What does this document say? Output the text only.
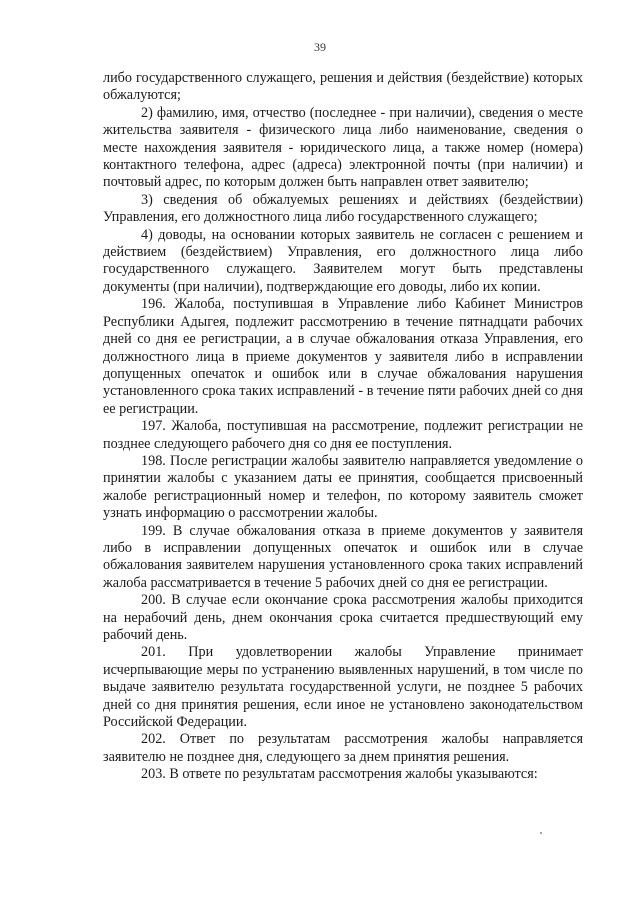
39

либо государственного служащего, решения и действия (бездействие) которых обжалуются;

2) фамилию, имя, отчество (последнее - при наличии), сведения о месте жительства заявителя - физического лица либо наименование, сведения о месте нахождения заявителя - юридического лица, а также номер (номера) контактного телефона, адрес (адреса) электронной почты (при наличии) и почтовый адрес, по которым должен быть направлен ответ заявителю;

3) сведения об обжалуемых решениях и действиях (бездействии) Управления, его должностного лица либо государственного служащего;

4) доводы, на основании которых заявитель не согласен с решением и действием (бездействием) Управления, его должностного лица либо государственного служащего. Заявителем могут быть представлены документы (при наличии), подтверждающие его доводы, либо их копии.

196. Жалоба, поступившая в Управление либо Кабинет Министров Республики Адыгея, подлежит рассмотрению в течение пятнадцати рабочих дней со дня ее регистрации, а в случае обжалования отказа Управления, его должностного лица в приеме документов у заявителя либо в исправлении допущенных опечаток и ошибок или в случае обжалования нарушения установленного срока таких исправлений - в течение пяти рабочих дней со дня ее регистрации.

197. Жалоба, поступившая на рассмотрение, подлежит регистрации не позднее следующего рабочего дня со дня ее поступления.

198. После регистрации жалобы заявителю направляется уведомление о принятии жалобы с указанием даты ее принятия, сообщается присвоенный жалобе регистрационный номер и телефон, по которому заявитель сможет узнать информацию о рассмотрении жалобы.

199. В случае обжалования отказа в приеме документов у заявителя либо в исправлении допущенных опечаток и ошибок или в случае обжалования заявителем нарушения установленного срока таких исправлений жалоба рассматривается в течение 5 рабочих дней со дня ее регистрации.

200. В случае если окончание срока рассмотрения жалобы приходится на нерабочий день, днем окончания срока считается предшествующий ему рабочий день.

201. При удовлетворении жалобы Управление принимает исчерпывающие меры по устранению выявленных нарушений, в том числе по выдаче заявителю результата государственной услуги, не позднее 5 рабочих дней со дня принятия решения, если иное не установлено законодательством Российской Федерации.

202. Ответ по результатам рассмотрения жалобы направляется заявителю не позднее дня, следующего за днем принятия решения.

203. В ответе по результатам рассмотрения жалобы указываются:
